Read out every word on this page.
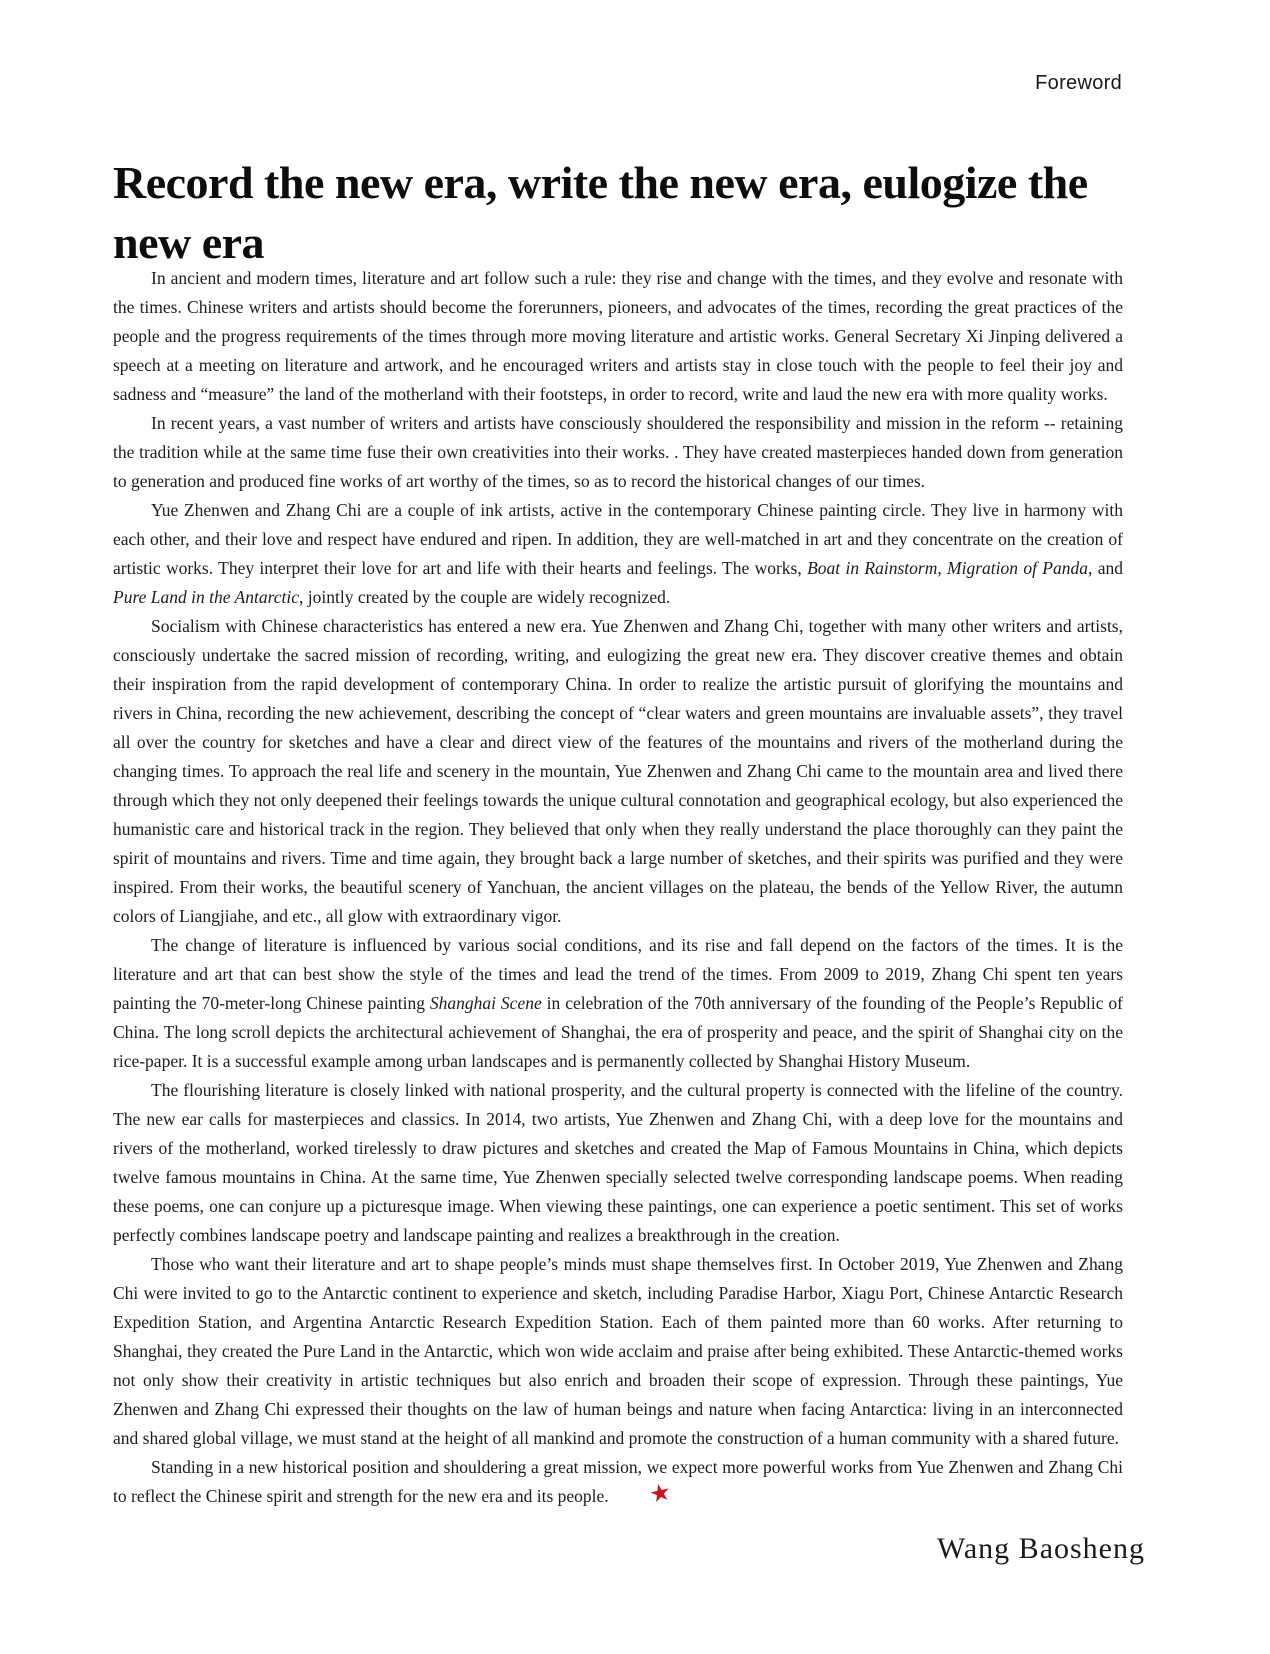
Foreword
Record the new era, write the new era, eulogize the new era

In ancient and modern times, literature and art follow such a rule: they rise and change with the times, and they evolve and resonate with the times. Chinese writers and artists should become the forerunners, pioneers, and advocates of the times, recording the great practices of the people and the progress requirements of the times through more moving literature and artistic works. General Secretary Xi Jinping delivered a speech at a meeting on literature and artwork, and he encouraged writers and artists stay in close touch with the people to feel their joy and sadness and “measure” the land of the motherland with their footsteps, in order to record, write and laud the new era with more quality works.

In recent years, a vast number of writers and artists have consciously shouldered the responsibility and mission in the reform -- retaining the tradition while at the same time fuse their own creativities into their works. . They have created masterpieces handed down from generation to generation and produced fine works of art worthy of the times, so as to record the historical changes of our times.

Yue Zhenwen and Zhang Chi are a couple of ink artists, active in the contemporary Chinese painting circle. They live in harmony with each other, and their love and respect have endured and ripen. In addition, they are well-matched in art and they concentrate on the creation of artistic works. They interpret their love for art and life with their hearts and feelings. The works, Boat in Rainstorm, Migration of Panda, and Pure Land in the Antarctic, jointly created by the couple are widely recognized.

Socialism with Chinese characteristics has entered a new era. Yue Zhenwen and Zhang Chi, together with many other writers and artists, consciously undertake the sacred mission of recording, writing, and eulogizing the great new era. They discover creative themes and obtain their inspiration from the rapid development of contemporary China. In order to realize the artistic pursuit of glorifying the mountains and rivers in China, recording the new achievement, describing the concept of “clear waters and green mountains are invaluable assets”, they travel all over the country for sketches and have a clear and direct view of the features of the mountains and rivers of the motherland during the changing times. To approach the real life and scenery in the mountain, Yue Zhenwen and Zhang Chi came to the mountain area and lived there through which they not only deepened their feelings towards the unique cultural connotation and geographical ecology, but also experienced the humanistic care and historical track in the region. They believed that only when they really understand the place thoroughly can they paint the spirit of mountains and rivers. Time and time again, they brought back a large number of sketches, and their spirits was purified and they were inspired. From their works, the beautiful scenery of Yanchuan, the ancient villages on the plateau, the bends of the Yellow River, the autumn colors of Liangjiahe, and etc., all glow with extraordinary vigor.

The change of literature is influenced by various social conditions, and its rise and fall depend on the factors of the times. It is the literature and art that can best show the style of the times and lead the trend of the times. From 2009 to 2019, Zhang Chi spent ten years painting the 70-meter-long Chinese painting Shanghai Scene in celebration of the 70th anniversary of the founding of the People’s Republic of China. The long scroll depicts the architectural achievement of Shanghai, the era of prosperity and peace, and the spirit of Shanghai city on the rice-paper. It is a successful example among urban landscapes and is permanently collected by Shanghai History Museum.

The flourishing literature is closely linked with national prosperity, and the cultural property is connected with the lifeline of the country. The new ear calls for masterpieces and classics. In 2014, two artists, Yue Zhenwen and Zhang Chi, with a deep love for the mountains and rivers of the motherland, worked tirelessly to draw pictures and sketches and created the Map of Famous Mountains in China, which depicts twelve famous mountains in China. At the same time, Yue Zhenwen specially selected twelve corresponding landscape poems. When reading these poems, one can conjure up a picturesque image. When viewing these paintings, one can experience a poetic sentiment. This set of works perfectly combines landscape poetry and landscape painting and realizes a breakthrough in the creation.

Those who want their literature and art to shape people’s minds must shape themselves first. In October 2019, Yue Zhenwen and Zhang Chi were invited to go to the Antarctic continent to experience and sketch, including Paradise Harbor, Xiagu Port, Chinese Antarctic Research Expedition Station, and Argentina Antarctic Research Expedition Station. Each of them painted more than 60 works. After returning to Shanghai, they created the Pure Land in the Antarctic, which won wide acclaim and praise after being exhibited. These Antarctic-themed works not only show their creativity in artistic techniques but also enrich and broaden their scope of expression. Through these paintings, Yue Zhenwen and Zhang Chi expressed their thoughts on the law of human beings and nature when facing Antarctica: living in an interconnected and shared global village, we must stand at the height of all mankind and promote the construction of a human community with a shared future.

Standing in a new historical position and shouldering a great mission, we expect more powerful works from Yue Zhenwen and Zhang Chi to reflect the Chinese spirit and strength for the new era and its people. ★

Wang Baosheng
